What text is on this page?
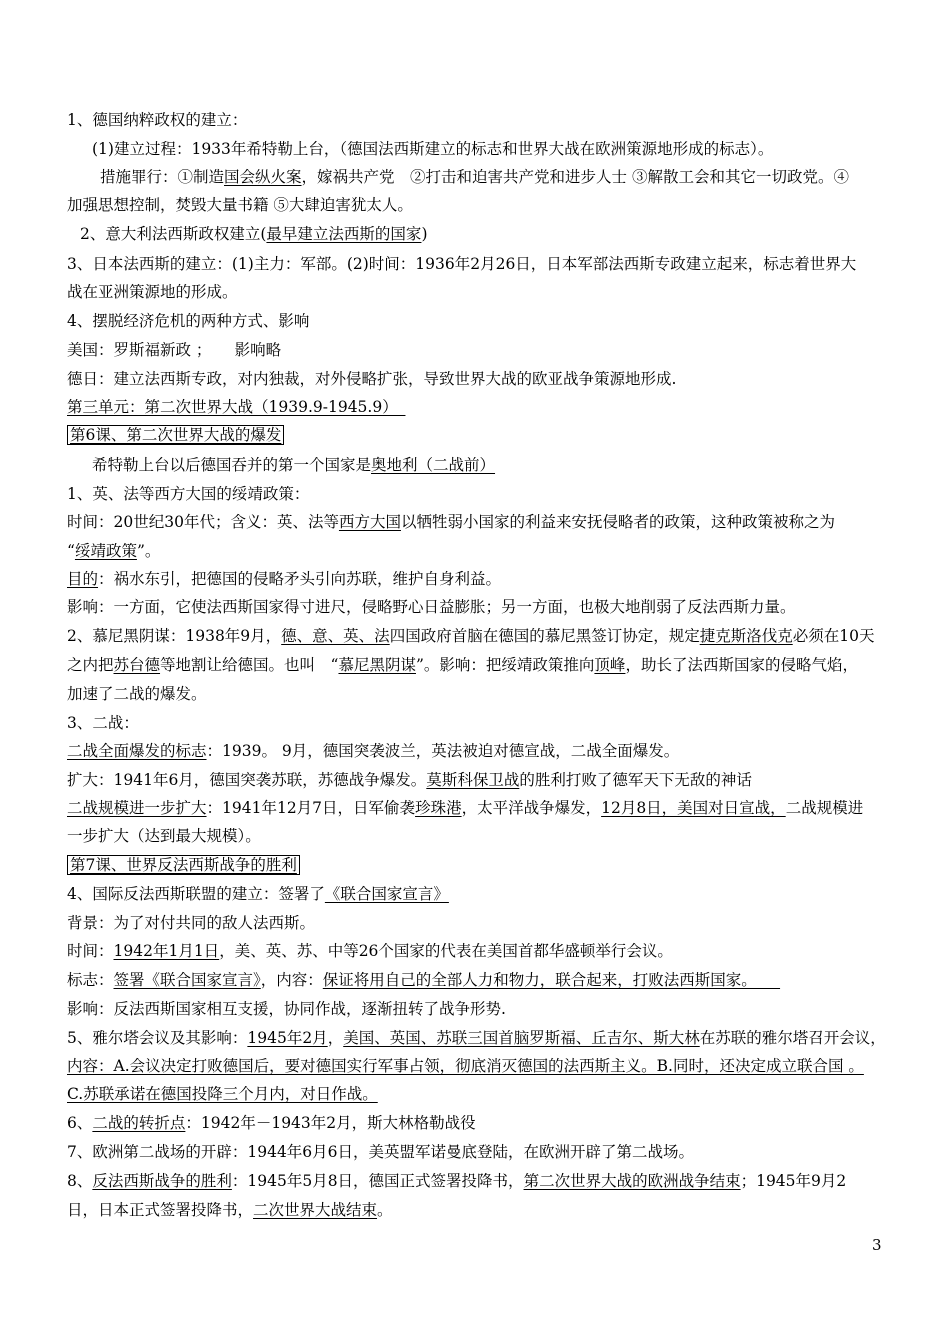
1、德国纳粹政权的建立：
(1)建立过程：1933年希特勒上台，（德国法西斯建立的标志和世界大战在欧洲策源地形成的标志）。
措施罪行：①制造国会纵火案，嫁祸共产党　②打击和迫害共产党和进步人士 ③解散工会和其它一切政党。④
加强思想控制，焚毁大量书籍 ⑤大肆迫害犹太人。
2、意大利法西斯政权建立(最早建立法西斯的国家)
3、日本法西斯的建立：(1)主力：军部。(2)时间：1936年2月26日，日本军部法西斯专政建立起来，标志着世界大
战在亚洲策源地的形成。
4、摆脱经济危机的两种方式、影响
美国：罗斯福新政 ；　　影响略
德日：建立法西斯专政，对内独裁，对外侵略扩张，导致世界大战的欧亚战争策源地形成.
第三单元：第二次世界大战（1939.9-1945.9）　
第6课、第二次世界大战的爆发
希特勒上台以后德国吞并的第一个国家是奥地利（二战前）
1、英、法等西方大国的绥靖政策：
时间：20世纪30年代；含义：英、法等西方大国以牺牲弱小国家的利益来安抚侵略者的政策，这种政策被称之为
“绥靖政策”。
目的：祸水东引，把德国的侵略矛头引向苏联，维护自身利益。
影响：一方面，它使法西斯国家得寸进尺，侵略野心日益膨胀；另一方面，也极大地削弱了反法西斯力量。
2、慕尼黑阴谋：1938年9月，德、意、英、法四国政府首脑在德国的慕尼黑签订协定，规定捷克斯洛伐克必须在10天
之内把苏台德等地割让给德国。也叫　“慕尼黑阴谋”。影响：把绥靖政策推向顶峰，助长了法西斯国家的侵略气焰，
加速了二战的爆发。
3、二战：
二战全面爆发的标志：1939。 9月，德国突袭波兰，英法被迫对德宣战，二战全面爆发。
扩大：1941年6月，德国突袭苏联，苏德战争爆发。莫斯科保卫战的胜利打败了德军天下无敌的神话
二战规模进一步扩大：1941年12月7日，日军偷袭珍珠港，太平洋战争爆发，12月8日，美国对日宣战，二战规模进
一步扩大（达到最大规模）。
第7课、世界反法西斯战争的胜利
4、国际反法西斯联盟的建立：签署了《联合国家宣言》
背景：为了对付共同的敌人法西斯。
时间：1942年1月1日，美、英、苏、中等26个国家的代表在美国首都华盛顿举行会议。
标志：签署《联合国家宣言》，内容：保证将用自己的全部人力和物力，联合起来，打败法西斯国家。　　
影响：反法西斯国家相互支援，协同作战，逐渐扭转了战争形势.
5、雅尔塔会议及其影响：1945年2月，美国、英国、苏联三国首脑罗斯福、丘吉尔、斯大林在苏联的雅尔塔召开会议，
内容：A.会议决定打败德国后，要对德国实行军事占领，彻底消灭德国的法西斯主义。B.同时，还决定成立联合国 。
C.苏联承诺在德国投降三个月内，对日作战。
6、二战的转折点：1942年－1943年2月，斯大林格勒战役
7、欧洲第二战场的开辟：1944年6月6日，美英盟军诺曼底登陆，在欧洲开辟了第二战场。
8、反法西斯战争的胜利：1945年5月8日，德国正式签署投降书，第二次世界大战的欧洲战争结束；1945年9月2
日，日本正式签署投降书，二次世界大战结束。
3
